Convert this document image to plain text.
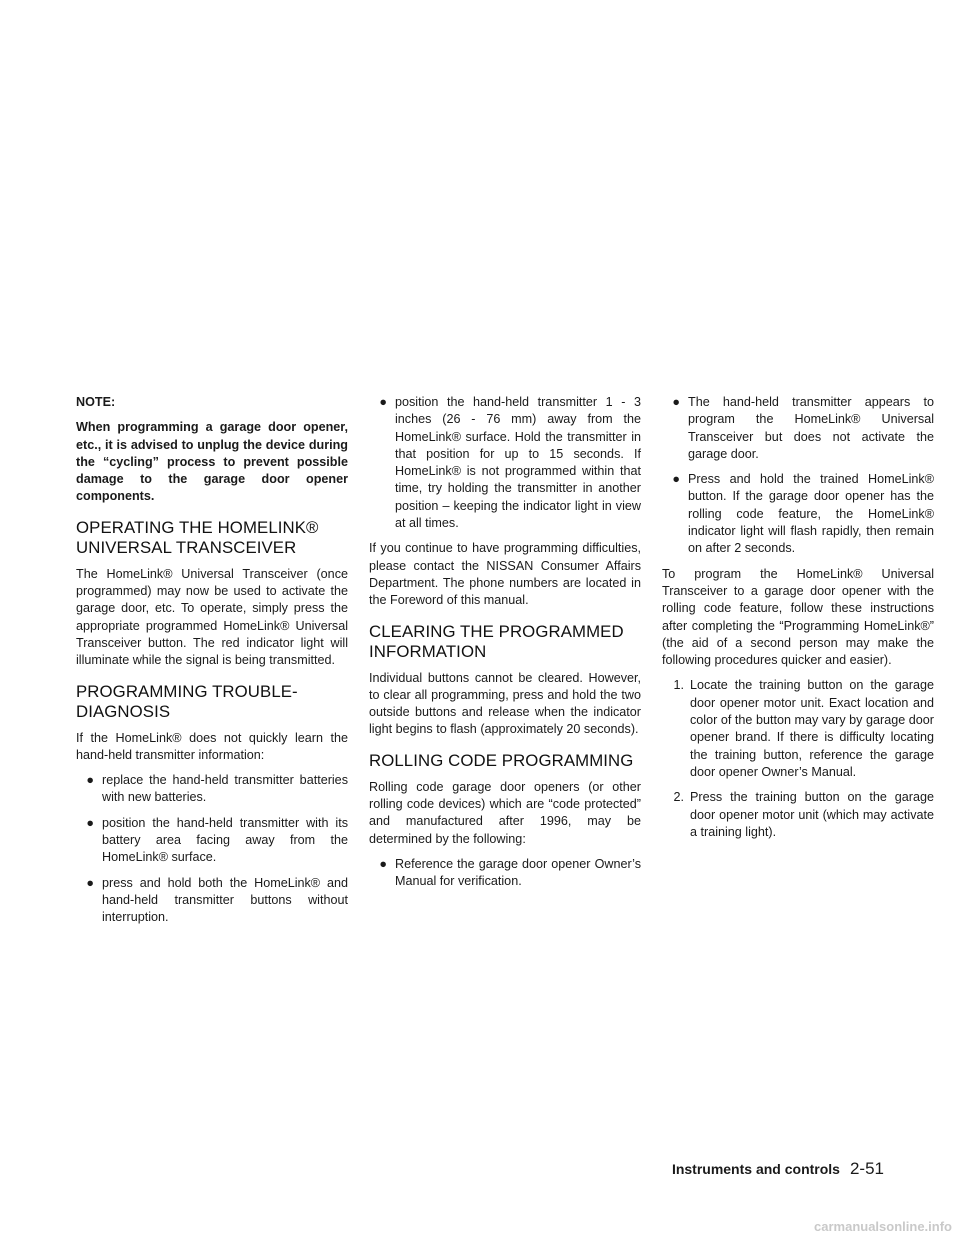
NOTE:

When programming a garage door opener, etc., it is advised to unplug the device during the “cycling” process to prevent possible damage to the garage door opener components.

OPERATING THE HOMELINK®
UNIVERSAL TRANSCEIVER

The HomeLink® Universal Transceiver (once programmed) may now be used to activate the garage door, etc. To operate, simply press the appropriate programmed HomeLink® Universal Transceiver button. The red indicator light will illuminate while the signal is being transmitted.

PROGRAMMING TROUBLE-
DIAGNOSIS

If the HomeLink® does not quickly learn the hand-held transmitter information:

● replace the hand-held transmitter batteries with new batteries.
● position the hand-held transmitter with its battery area facing away from the HomeLink® surface.
● press and hold both the HomeLink® and hand-held transmitter buttons without interruption.
● position the hand-held transmitter 1 - 3 inches (26 - 76 mm) away from the HomeLink® surface. Hold the transmitter in that position for up to 15 seconds. If HomeLink® is not programmed within that time, try holding the transmitter in another position – keeping the indicator light in view at all times.

If you continue to have programming difficulties, please contact the NISSAN Consumer Affairs Department. The phone numbers are located in the Foreword of this manual.

CLEARING THE PROGRAMMED
INFORMATION

Individual buttons cannot be cleared. However, to clear all programming, press and hold the two outside buttons and release when the indicator light begins to flash (approximately 20 seconds).

ROLLING CODE PROGRAMMING

Rolling code garage door openers (or other rolling code devices) which are “code protected” and manufactured after 1996, may be determined by the following:

● Reference the garage door opener Owner’s Manual for verification.
● The hand-held transmitter appears to program the HomeLink® Universal Transceiver but does not activate the garage door.
● Press and hold the trained HomeLink® button. If the garage door opener has the rolling code feature, the HomeLink® indicator light will flash rapidly, then remain on after 2 seconds.

To program the HomeLink® Universal Transceiver to a garage door opener with the rolling code feature, follow these instructions after completing the “Programming HomeLink®” (the aid of a second person may make the following procedures quicker and easier).

1. Locate the training button on the garage door opener motor unit. Exact location and color of the button may vary by garage door opener brand. If there is difficulty locating the training button, reference the garage door opener Owner’s Manual.
2. Press the training button on the garage door opener motor unit (which may activate a training light).
Instruments and controls 2-51
carmanualsonline.info
